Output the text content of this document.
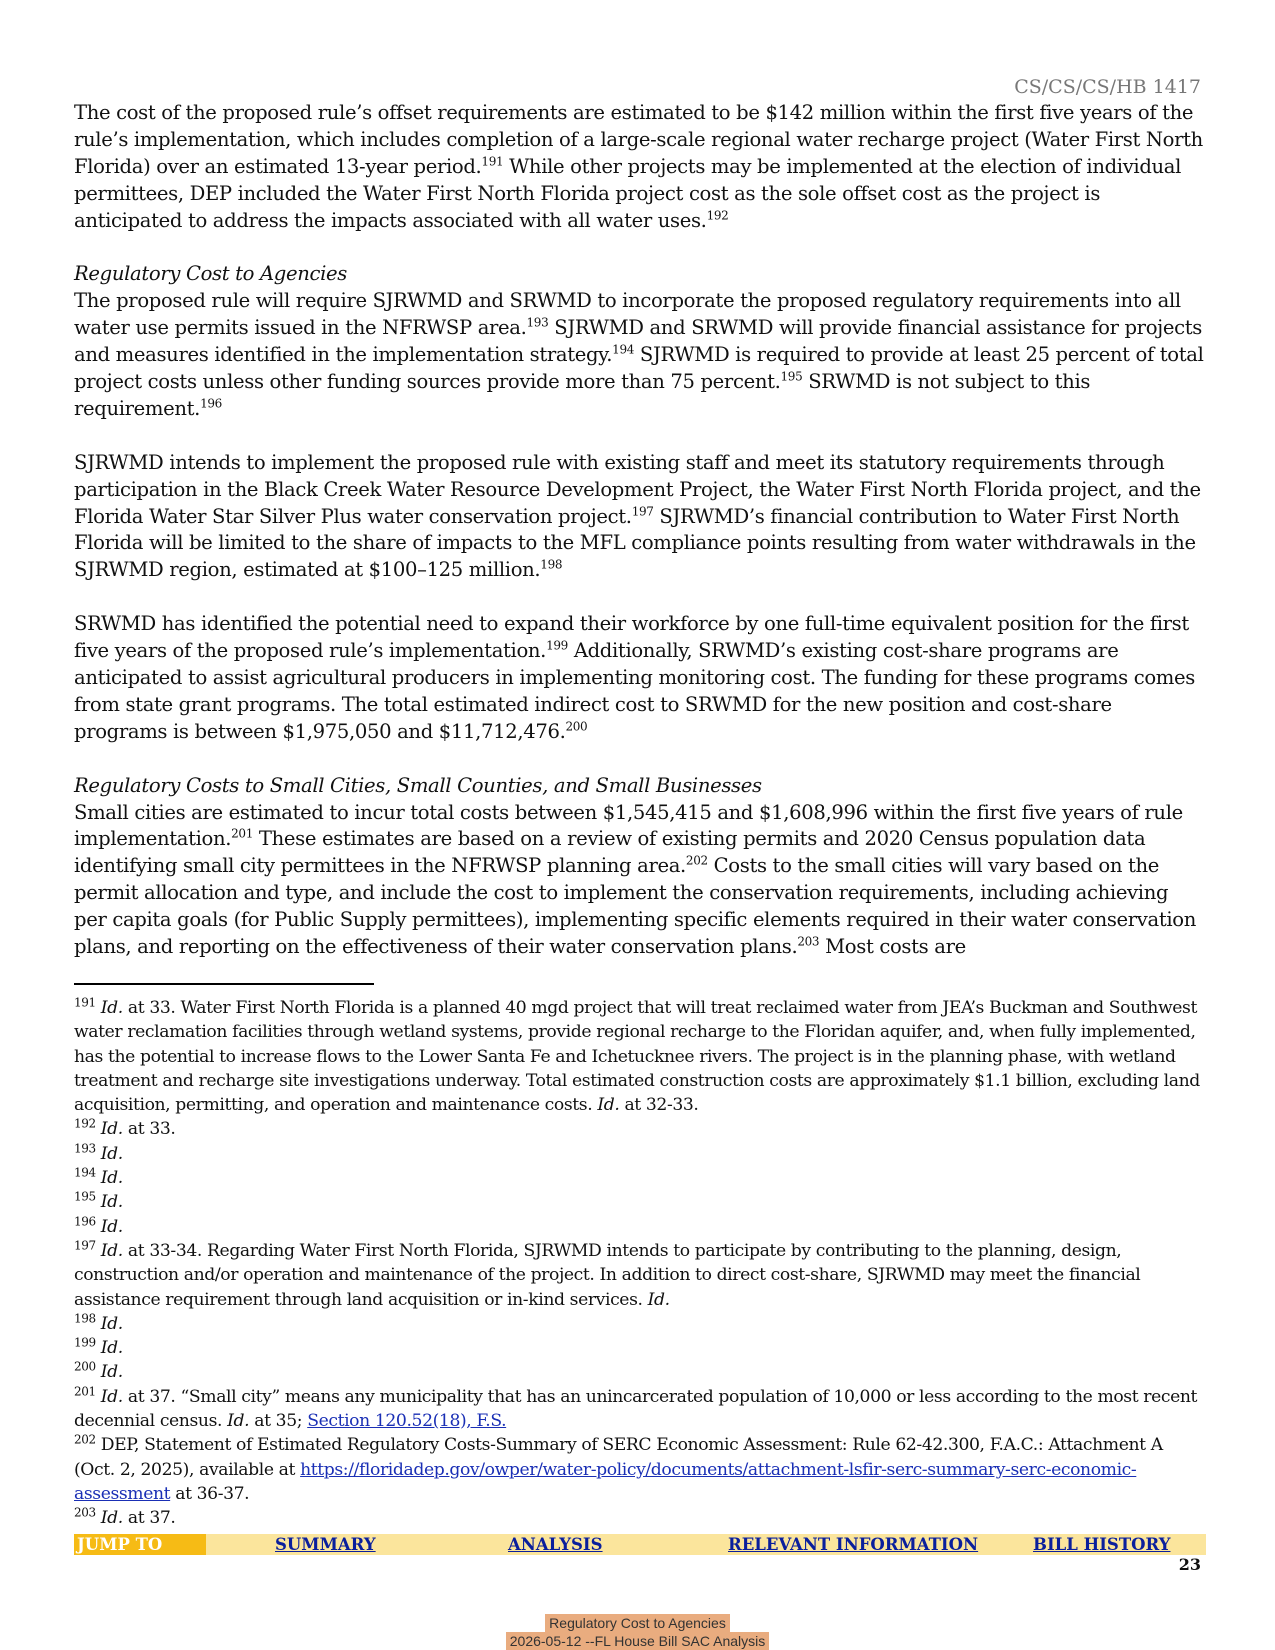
CS/CS/CS/HB 1417

The cost of the proposed rule’s offset requirements are estimated to be $142 million within the first five years of the rule’s implementation, which includes completion of a large-scale regional water recharge project (Water First North Florida) over an estimated 13-year period.$^{191}$ While other projects may be implemented at the election of individual permittees, DEP included the Water First North Florida project cost as the sole offset cost as the project is anticipated to address the impacts associated with all water uses.$^{192}$

Regulatory Cost to Agencies

The proposed rule will require SJRWMD and SRWMD to incorporate the proposed regulatory requirements into all water use permits issued in the NFRWSP area.$^{193}$ SJRWMD and SRWMD will provide financial assistance for projects and measures identified in the implementation strategy.$^{194}$ SJRWMD is required to provide at least 25 percent of total project costs unless other funding sources provide more than 75 percent.$^{195}$ SRWMD is not subject to this requirement.$^{196}$

SJRWMD intends to implement the proposed rule with existing staff and meet its statutory requirements through participation in the Black Creek Water Resource Development Project, the Water First North Florida project, and the Florida Water Star Silver Plus water conservation project.$^{197}$ SJRWMD’s financial contribution to Water First North Florida will be limited to the share of impacts to the MFL compliance points resulting from water withdrawals in the SJRWMD region, estimated at $100–125 million.$^{198}$

SRWMD has identified the potential need to expand their workforce by one full-time equivalent position for the first five years of the proposed rule’s implementation.$^{199}$ Additionally, SRWMD’s existing cost-share programs are anticipated to assist agricultural producers in implementing monitoring cost. The funding for these programs comes from state grant programs. The total estimated indirect cost to SRWMD for the new position and cost-share programs is between $1,975,050 and $11,712,476.$^{200}$

Regulatory Costs to Small Cities, Small Counties, and Small Businesses

Small cities are estimated to incur total costs between $1,545,415 and $1,608,996 within the first five years of rule implementation.$^{201}$ These estimates are based on a review of existing permits and 2020 Census population data identifying small city permittees in the NFRWSP planning area.$^{202}$ Costs to the small cities will vary based on the permit allocation and type, and include the cost to implement the conservation requirements, including achieving per capita goals (for Public Supply permittees), implementing specific elements required in their water conservation plans, and reporting on the effectiveness of their water conservation plans.$^{203}$ Most costs are

$^{191}$ Id. at 33. Water First North Florida is a planned 40 mgd project that will treat reclaimed water from JEA’s Buckman and Southwest water reclamation facilities through wetland systems, provide regional recharge to the Floridan aquifer, and, when fully implemented, has the potential to increase flows to the Lower Santa Fe and Ichetucknee rivers. The project is in the planning phase, with wetland treatment and recharge site investigations underway. Total estimated construction costs are approximately $1.1 billion, excluding land acquisition, permitting, and operation and maintenance costs. Id. at 32-33.

$^{192}$ Id. at 33.

$^{193}$ Id.

$^{194}$ Id.

$^{195}$ Id.

$^{196}$ Id.

$^{197}$ Id. at 33-34. Regarding Water First North Florida, SJRWMD intends to participate by contributing to the planning, design, construction and/or operation and maintenance of the project. In addition to direct cost-share, SJRWMD may meet the financial assistance requirement through land acquisition or in-kind services. Id.

$^{198}$ Id.

$^{199}$ Id.

$^{200}$ Id.

$^{201}$ Id. at 37. “Small city” means any municipality that has an unincarcerated population of 10,000 or less according to the most recent decennial census. Id. at 35; Section 120.52(18), F.S.

$^{202}$ DEP, Statement of Estimated Regulatory Costs-Summary of SERC Economic Assessment: Rule 62-42.300, F.A.C.: Attachment A (Oct. 2, 2025), available at https://floridadep.gov/owper/water-policy/documents/attachment-lsfir-serc-summary-serc-economic-assessment at 36-37.

$^{203}$ Id. at 37.

JUMP TO	SUMMARY	ANALYSIS	RELEVANT INFORMATION	BILL HISTORY
23
Regulatory Cost to Agencies
2026-05-12 --FL House Bill SAC Analysis
